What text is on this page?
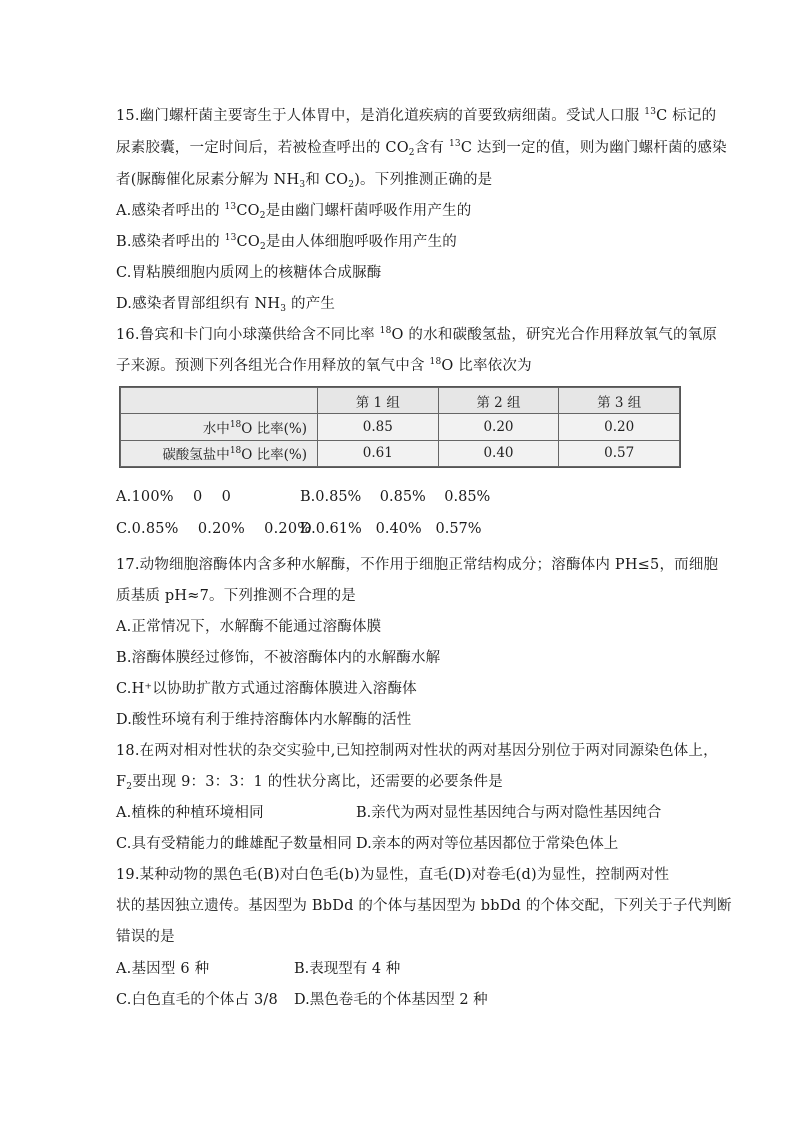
15.幽门螺杆菌主要寄生于人体胃中，是消化道疾病的首要致病细菌。受试人口服 $^{13}$C 标记的
尿素胶囊，一定时间后，若被检查呼出的 $CO_2$含有 $^{13}$C 达到一定的值，则为幽门螺杆菌的感染
者(脲酶催化尿素分解为 $NH_3$和 $CO_2$)。下列推测正确的是
A.感染者呼出的 $^{13}CO_2$是由幽门螺杆菌呼吸作用产生的
B.感染者呼出的 $^{13}CO_2$是由人体细胞呼吸作用产生的
C.胃粘膜细胞内质网上的核糖体合成脲酶
D.感染者胃部组织有 $NH_3$ 的产生
16.鲁宾和卡门向小球藻供给含不同比率 $^{18}$O 的水和碳酸氢盐，研究光合作用释放氧气的氧原
子来源。预测下列各组光合作用释放的氧气中含 $^{18}$O 比率依次为
	第 1 组	第 2 组	第 3 组
水中$^{18}$O 比率(%)	0.85	0.20	0.20
碳酸氢盐中$^{18}$O 比率(%)	0.61	0.40	0.57
A.100%    0    0	B.0.85%    0.85%    0.85%
C.0.85%    0.20%    0.20%
D.0.61%   0.40%   0.57%
17.动物细胞溶酶体内含多种水解酶，不作用于细胞正常结构成分；溶酶体内 PH≤5，而细胞
质基质 pH≈7。下列推测不合理的是
A.正常情况下，水解酶不能通过溶酶体膜
B.溶酶体膜经过修饰，不被溶酶体内的水解酶水解
C.H⁺以协助扩散方式通过溶酶体膜进入溶酶体
D.酸性环境有利于维持溶酶体内水解酶的活性
18.在两对相对性状的杂交实验中,已知控制两对性状的两对基因分别位于两对同源染色体上，
$F_2$要出现 9：3：3：1 的性状分离比，还需要的必要条件是
A.植株的种植环境相同	B.亲代为两对显性基因纯合与两对隐性基因纯合
C.具有受精能力的雌雄配子数量相同 D.亲本的两对等位基因都位于常染色体上
19.某种动物的黑色毛(B)对白色毛(b)为显性，直毛(D)对卷毛(d)为显性，控制两对性
状的基因独立遗传。基因型为 BbDd 的个体与基因型为 bbDd 的个体交配，下列关于子代判断
错误的是
A.基因型 6 种	B.表现型有 4 种
C.白色直毛的个体占 3/8 D.黑色卷毛的个体基因型 2 种
